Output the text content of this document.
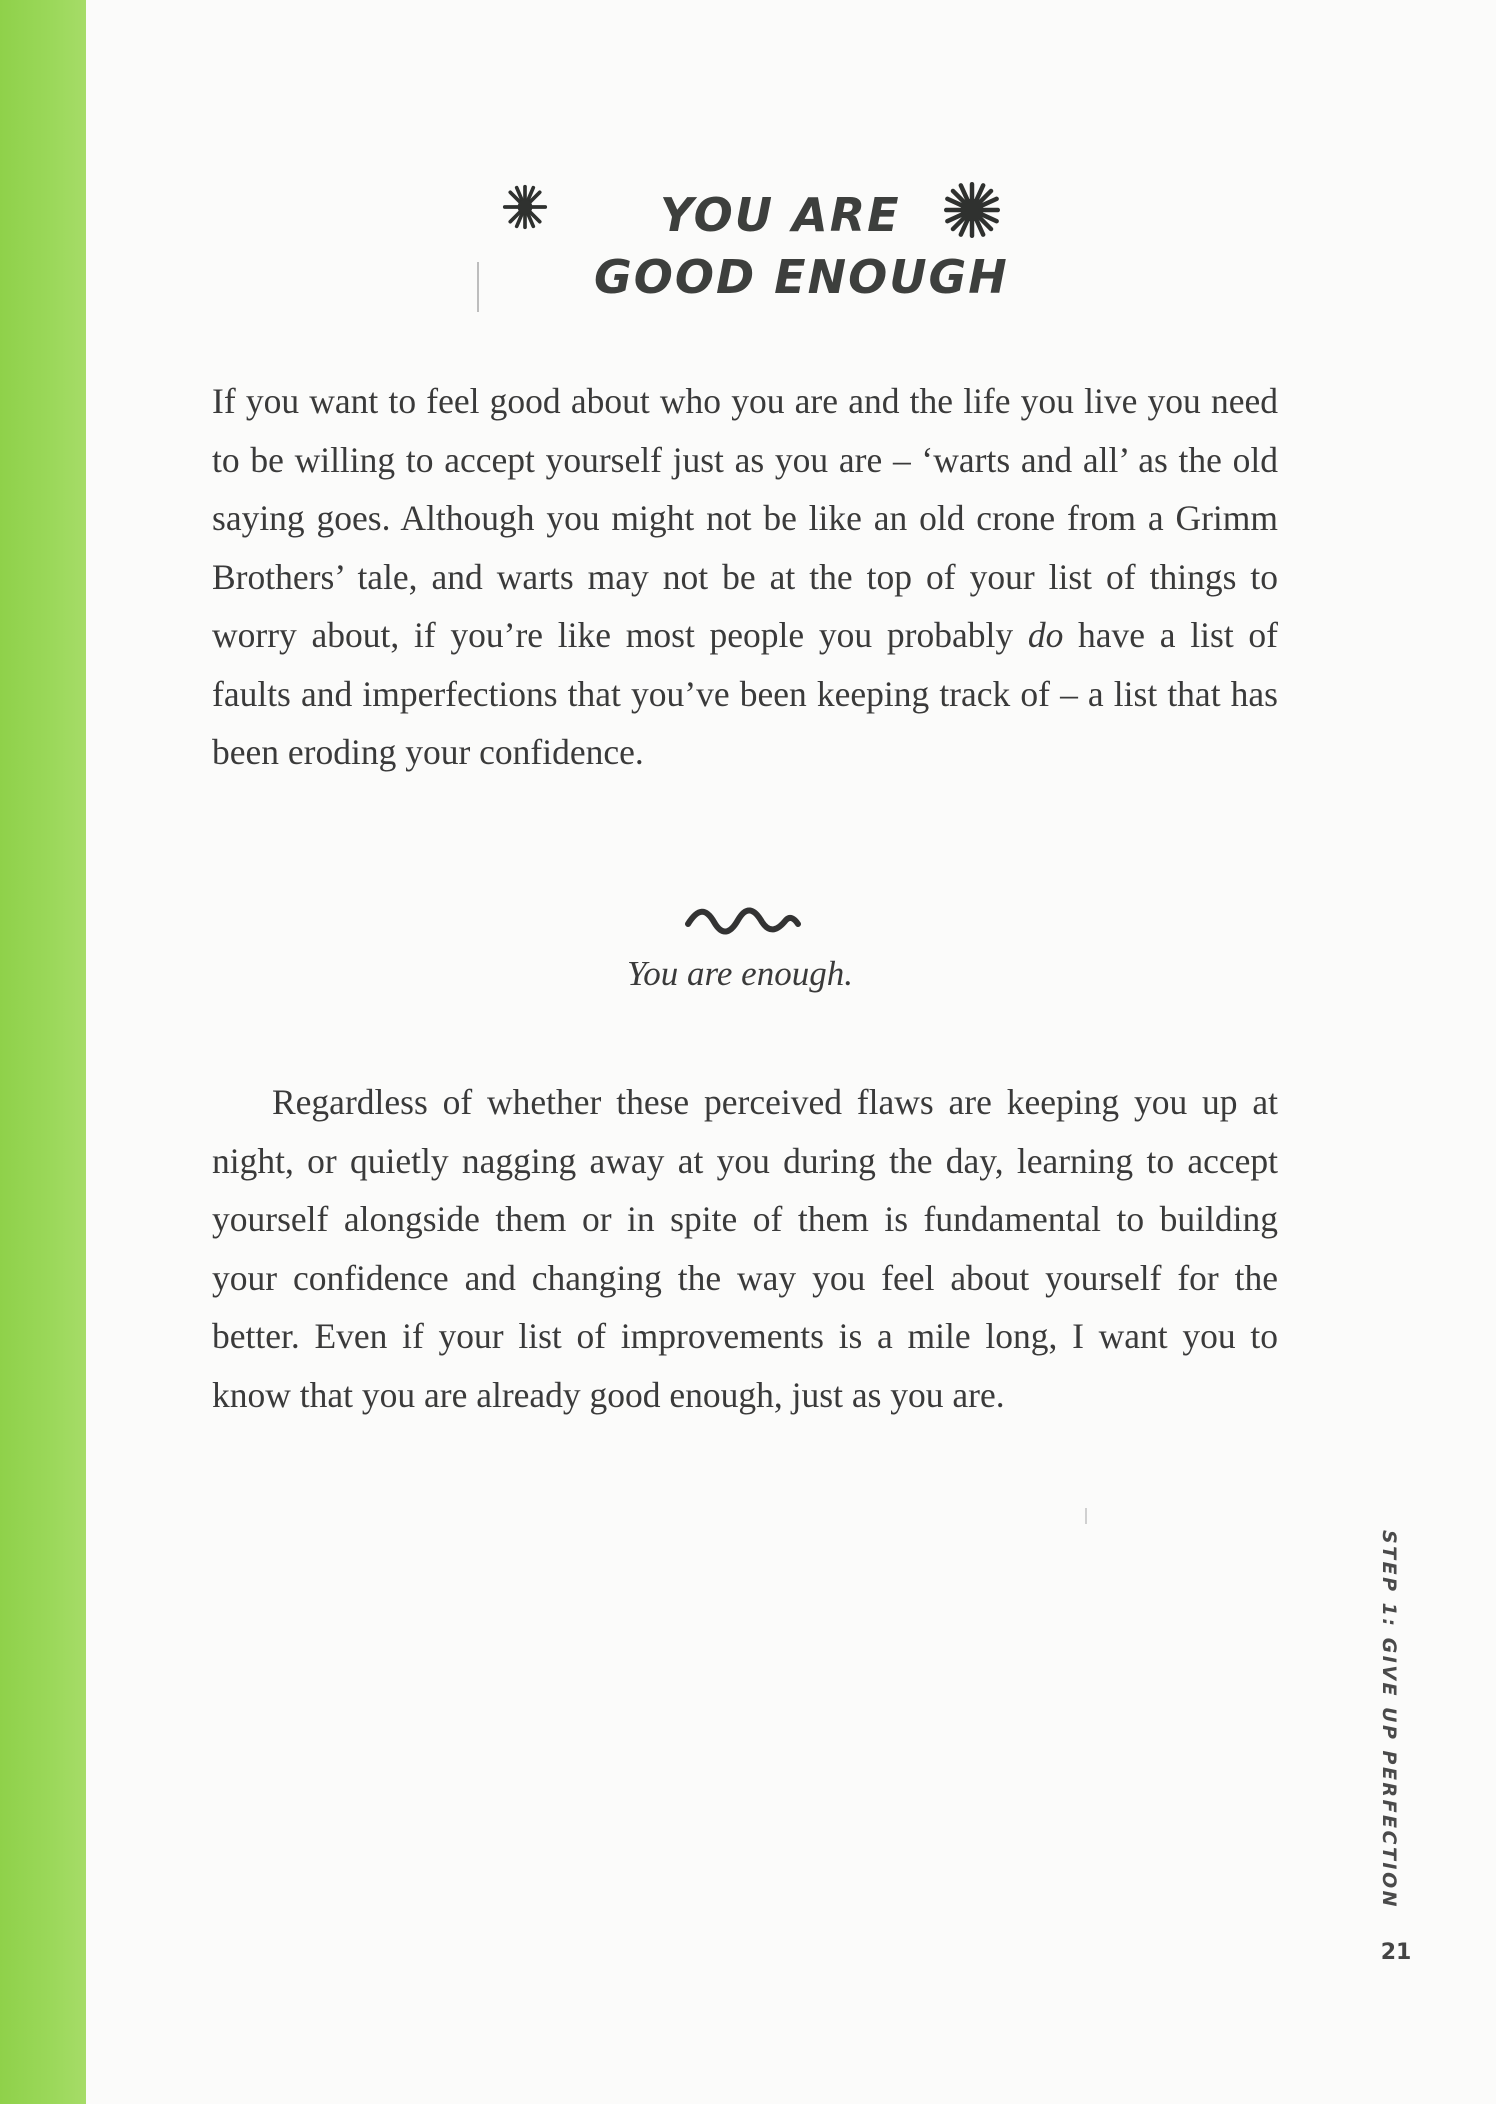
YOU ARE
GOOD ENOUGH

If you want to feel good about who you are and the life you live you need to be willing to accept yourself just as you are – ‘warts and all’ as the old saying goes. Although you might not be like an old crone from a Grimm Brothers’ tale, and warts may not be at the top of your list of things to worry about, if you’re like most people you probably do have a list of faults and imperfections that you’ve been keeping track of – a list that has been eroding your confidence.

You are enough.

Regardless of whether these perceived flaws are keeping you up at night, or quietly nagging away at you during the day, learning to accept yourself alongside them or in spite of them is fundamental to building your confidence and changing the way you feel about yourself for the better. Even if your list of improvements is a mile long, I want you to know that you are already good enough, just as you are.

STEP 1: GIVE UP PERFECTION
21
